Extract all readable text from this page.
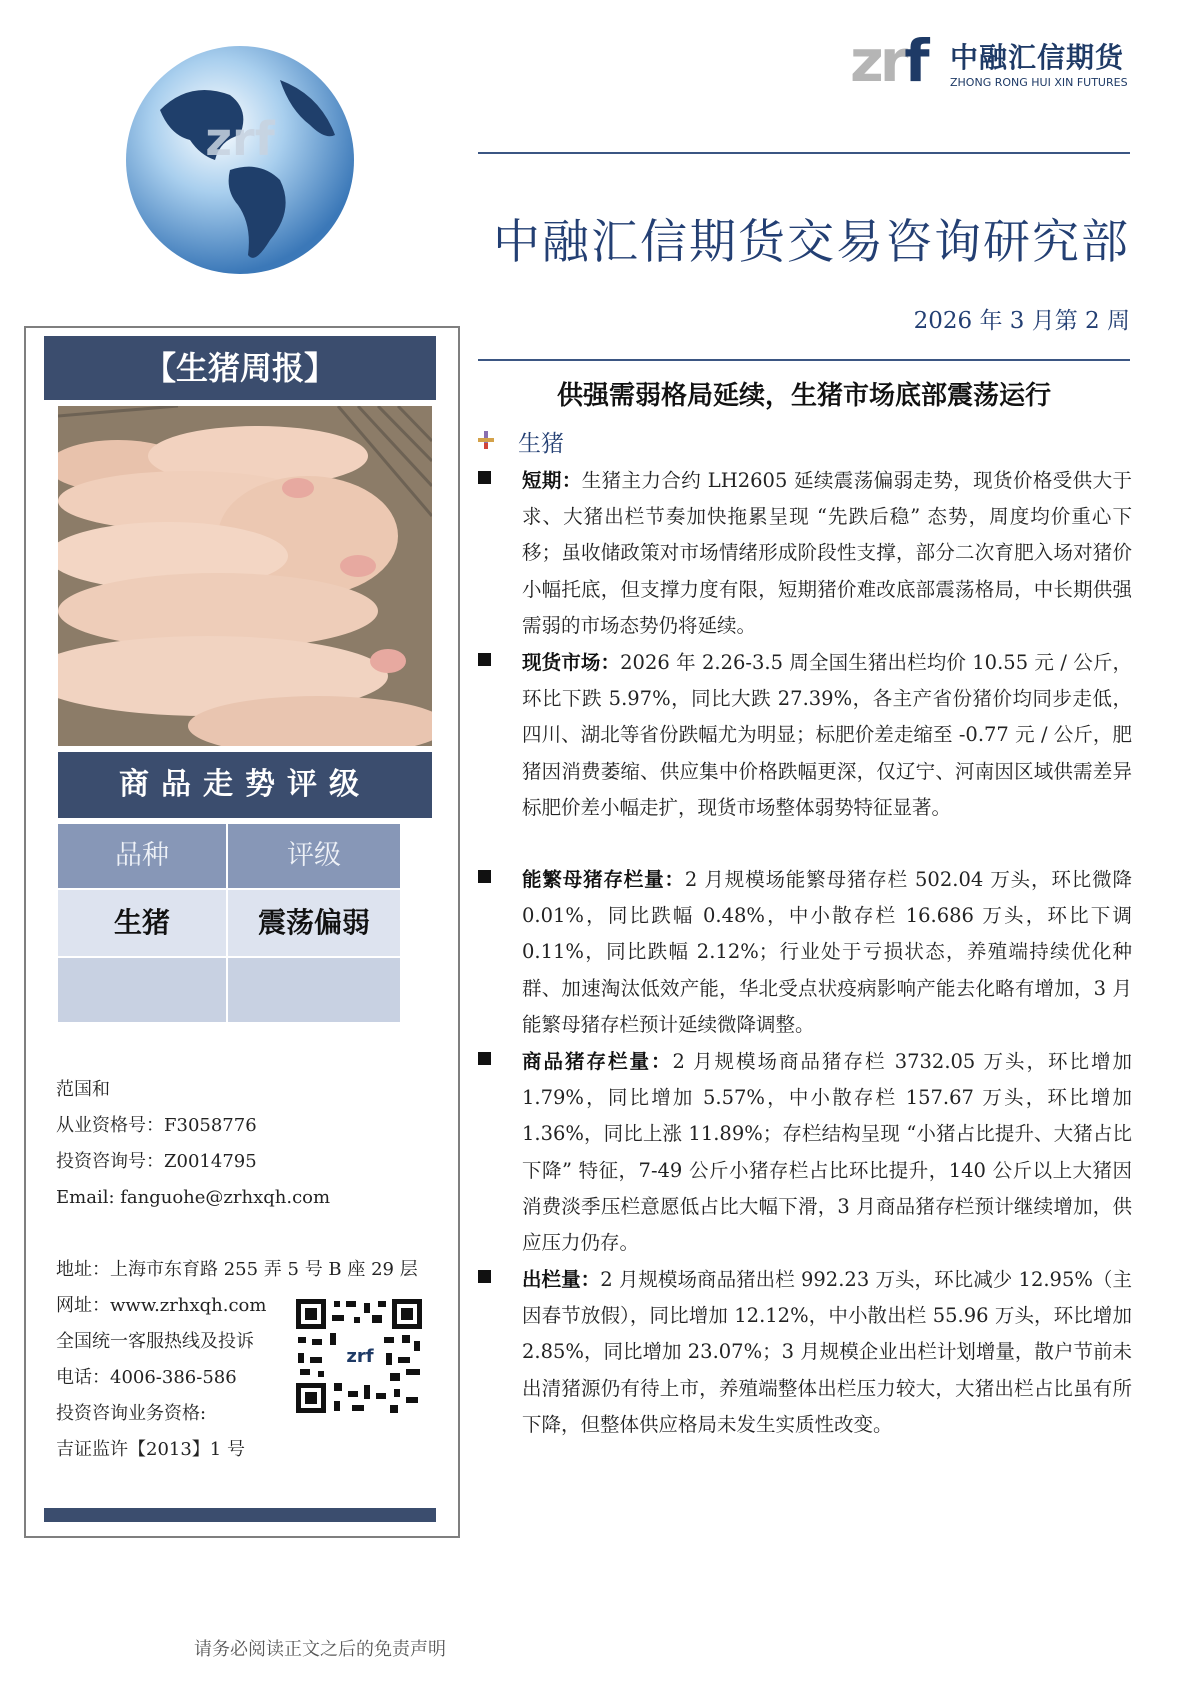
zrf
zrf 中融汇信期货
ZHONG RONG HUI XIN FUTURES
中融汇信期货交易咨询研究部
2026 年 3 月第 2 周
【生猪周报】
商品走势评级
品种	评级
生猪	震荡偏弱
范国和
从业资格号：F3058776
投资咨询号：Z0014795
Email: fanguohe@zrhxqh.com
地址：上海市东育路 255 弄 5 号 B 座 29 层
网址：www.zrhxqh.com
全国统一客服热线及投诉
电话：4006-386-586
投资咨询业务资格:
吉证监许【2013】1 号
zrf
供强需弱格局延续，生猪市场底部震荡运行
生猪
短期：生猪主力合约 LH2605 延续震荡偏弱走势，现货价格受供大于求、大猪出栏节奏加快拖累呈现 “先跌后稳” 态势，周度均价重心下移；虽收储政策对市场情绪形成阶段性支撑，部分二次育肥入场对猪价小幅托底，但支撑力度有限，短期猪价难改底部震荡格局，中长期供强需弱的市场态势仍将延续。
现货市场：2026 年 2.26-3.5 周全国生猪出栏均价 10.55 元 / 公斤，环比下跌 5.97%，同比大跌 27.39%，各主产省份猪价均同步走低，四川、湖北等省份跌幅尤为明显；标肥价差走缩至 -0.77 元 / 公斤，肥猪因消费萎缩、供应集中价格跌幅更深，仅辽宁、河南因区域供需差异标肥价差小幅走扩，现货市场整体弱势特征显著。
能繁母猪存栏量：2 月规模场能繁母猪存栏 502.04 万头，环比微降 0.01%，同比跌幅 0.48%，中小散存栏 16.686 万头，环比下调 0.11%，同比跌幅 2.12%；行业处于亏损状态，养殖端持续优化种群、加速淘汰低效产能，华北受点状疫病影响产能去化略有增加，3 月能繁母猪存栏预计延续微降调整。
商品猪存栏量：2 月规模场商品猪存栏 3732.05 万头，环比增加 1.79%，同比增加 5.57%，中小散存栏 157.67 万头，环比增加 1.36%，同比上涨 11.89%；存栏结构呈现 “小猪占比提升、大猪占比下降” 特征，7-49 公斤小猪存栏占比环比提升，140 公斤以上大猪因消费淡季压栏意愿低占比大幅下滑，3 月商品猪存栏预计继续增加，供应压力仍存。
出栏量：2 月规模场商品猪出栏 992.23 万头，环比减少 12.95%（主因春节放假），同比增加 12.12%，中小散出栏 55.96 万头，环比增加 2.85%，同比增加 23.07%；3 月规模企业出栏计划增量，散户节前未出清猪源仍有待上市，养殖端整体出栏压力较大，大猪出栏占比虽有所下降，但整体供应格局未发生实质性改变。
请务必阅读正文之后的免责声明
